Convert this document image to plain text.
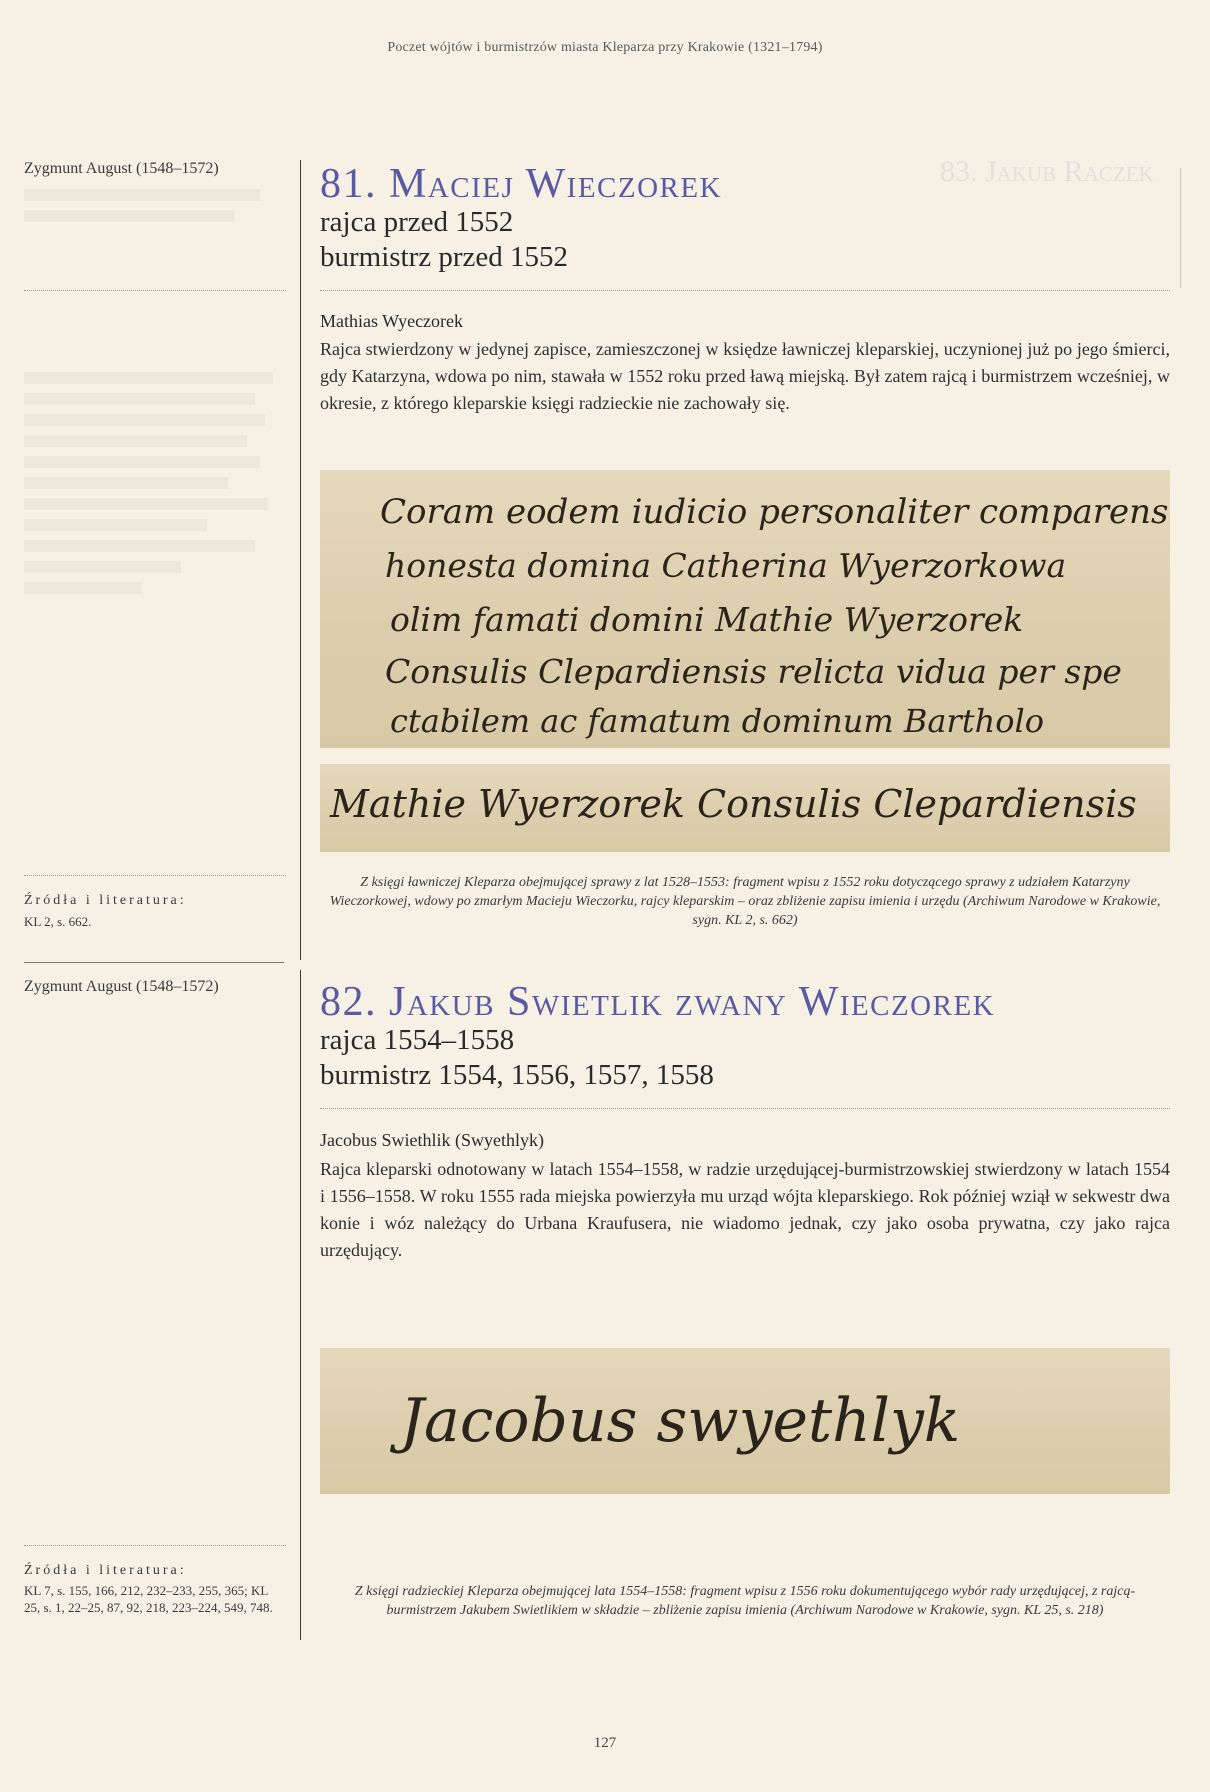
Poczet wójtów i burmistrzów miasta Kleparza przy Krakowie (1321–1794)
83. Jakub Raczek
Zygmunt August (1548–1572)
Źródła i literatura:
KL 2, s. 662.
81. Maciej Wieczorek
rajca przed 1552
burmistrz przed 1552
Mathias Wyeczorek
Rajca stwierdzony w jedynej zapisce, zamieszczonej w księdze ławniczej kleparskiej, uczynionej już po jego śmierci, gdy Katarzyna, wdowa po nim, stawała w 1552 roku przed ławą miejską. Był zatem rajcą i burmistrzem wcześniej, w okresie, z którego kleparskie księgi radzieckie nie zachowały się.
Coram eodem iudicio personaliter comparens
honesta domina Catherina Wyerzorkowa
olim famati domini Mathie Wyerzorek
Consulis Clepardiensis relicta vidua per spe
ctabilem ac famatum dominum Bartholo
Mathie Wyerzorek Consulis Clepardiensis
Z księgi ławniczej Kleparza obejmującej sprawy z lat 1528–1553: fragment wpisu z 1552 roku dotyczącego sprawy z udziałem Katarzyny Wieczorkowej, wdowy po zmarłym Macieju Wieczorku, rajcy kleparskim – oraz zbliżenie zapisu imienia i urzędu (Archiwum Narodowe w Krakowie, sygn. KL 2, s. 662)
Zygmunt August (1548–1572)
Źródła i literatura:
KL 7, s. 155, 166, 212, 232–233, 255, 365; KL 25, s. 1, 22–25, 87, 92, 218, 223–224, 549, 748.
82. Jakub Swietlik zwany Wieczorek
rajca 1554–1558
burmistrz 1554, 1556, 1557, 1558
Jacobus Swiethlik (Swyethlyk)
Rajca kleparski odnotowany w latach 1554–1558, w radzie urzędującej-burmistrzowskiej stwierdzony w latach 1554 i 1556–1558. W roku 1555 rada miejska powierzyła mu urząd wójta kleparskiego. Rok później wziął w sekwestr dwa konie i wóz należący do Urbana Kraufusera, nie wiadomo jednak, czy jako osoba prywatna, czy jako rajca urzędujący.
Jacobus swyethlyk
Z księgi radzieckiej Kleparza obejmującej lata 1554–1558: fragment wpisu z 1556 roku dokumentującego wybór rady urzędującej, z rajcą-burmistrzem Jakubem Swietlikiem w składzie – zbliżenie zapisu imienia (Archiwum Narodowe w Krakowie, sygn. KL 25, s. 218)
127
